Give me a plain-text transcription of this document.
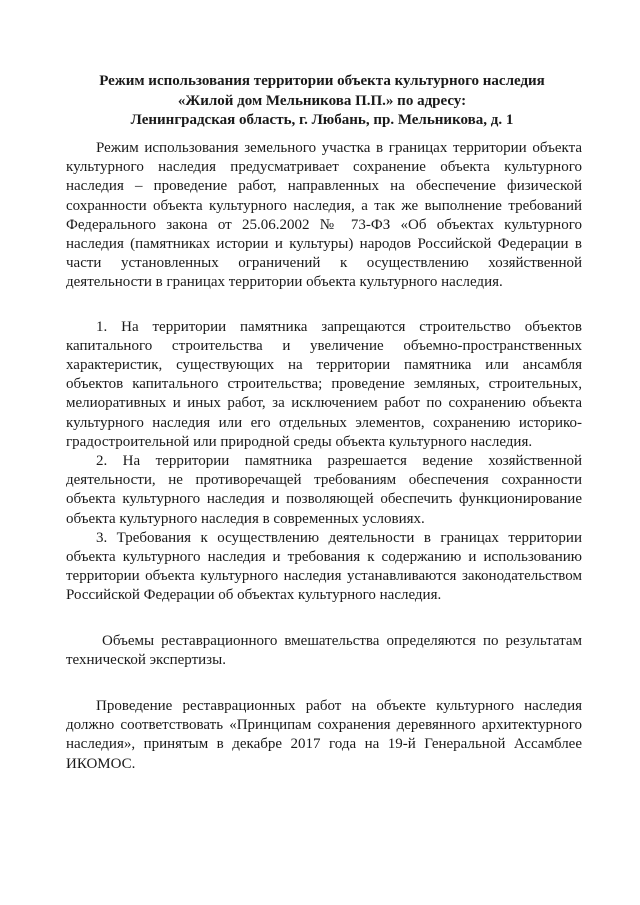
Режим использования территории объекта культурного наследия
«Жилой дом Мельникова П.П.» по адресу:
Ленинградская область, г. Любань, пр. Мельникова, д. 1

Режим использования земельного участка в границах территории объекта культурного наследия предусматривает сохранение объекта культурного наследия – проведение работ, направленных на обеспечение физической сохранности объекта культурного наследия, а так же выполнение требований Федерального закона от 25.06.2002 № 73-ФЗ «Об объектах культурного наследия (памятниках истории и культуры) народов Российской Федерации в части установленных ограничений к осуществлению хозяйственной деятельности в границах территории объекта культурного наследия.

1. На территории памятника запрещаются строительство объектов капитального строительства и увеличение объемно-пространственных характеристик, существующих на территории памятника или ансамбля объектов капитального строительства; проведение земляных, строительных, мелиоративных и иных работ, за исключением работ по сохранению объекта культурного наследия или его отдельных элементов, сохранению историко-градостроительной или природной среды объекта культурного наследия.

2. На территории памятника разрешается ведение хозяйственной деятельности, не противоречащей требованиям обеспечения сохранности объекта культурного наследия и позволяющей обеспечить функционирование объекта культурного наследия в современных условиях.

3. Требования к осуществлению деятельности в границах территории объекта культурного наследия и требования к содержанию и использованию территории объекта культурного наследия устанавливаются законодательством Российской Федерации об объектах культурного наследия.

Объемы реставрационного вмешательства определяются по результатам технической экспертизы.

Проведение реставрационных работ на объекте культурного наследия должно соответствовать «Принципам сохранения деревянного архитектурного наследия», принятым в декабре 2017 года на 19-й Генеральной Ассамблее ИКОМОС.
